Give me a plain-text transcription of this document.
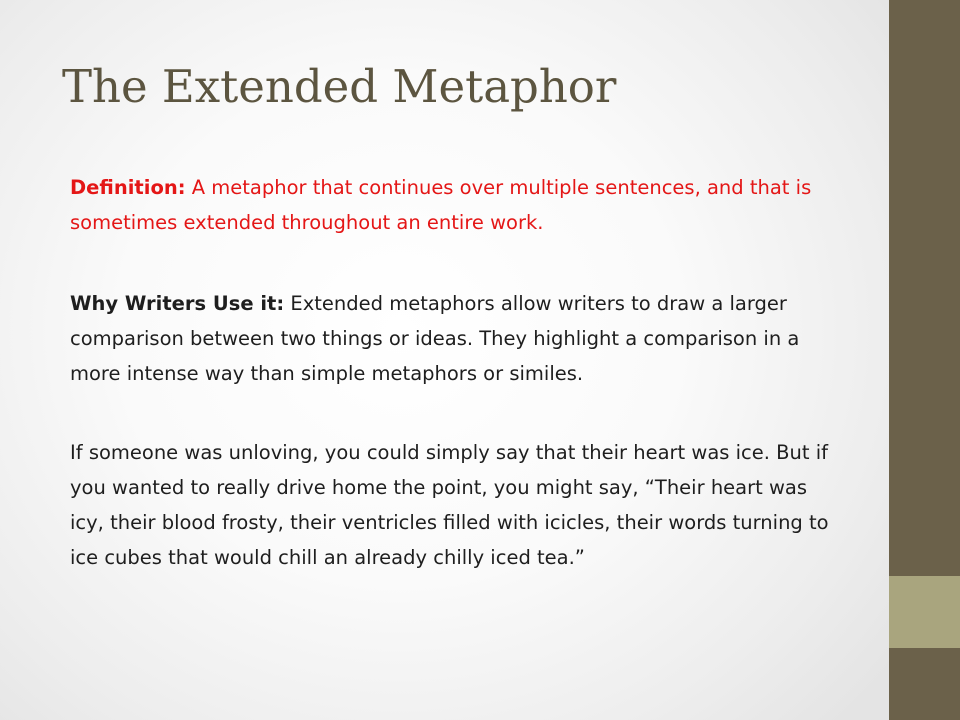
The Extended Metaphor

Definition: A metaphor that continues over multiple sentences, and that is sometimes extended throughout an entire work.

Why Writers Use it: Extended metaphors allow writers to draw a larger comparison between two things or ideas. They highlight a comparison in a more intense way than simple metaphors or similes.

If someone was unloving, you could simply say that their heart was ice. But if you wanted to really drive home the point, you might say, “Their heart was icy, their blood frosty, their ventricles filled with icicles, their words turning to ice cubes that would chill an already chilly iced tea.”
